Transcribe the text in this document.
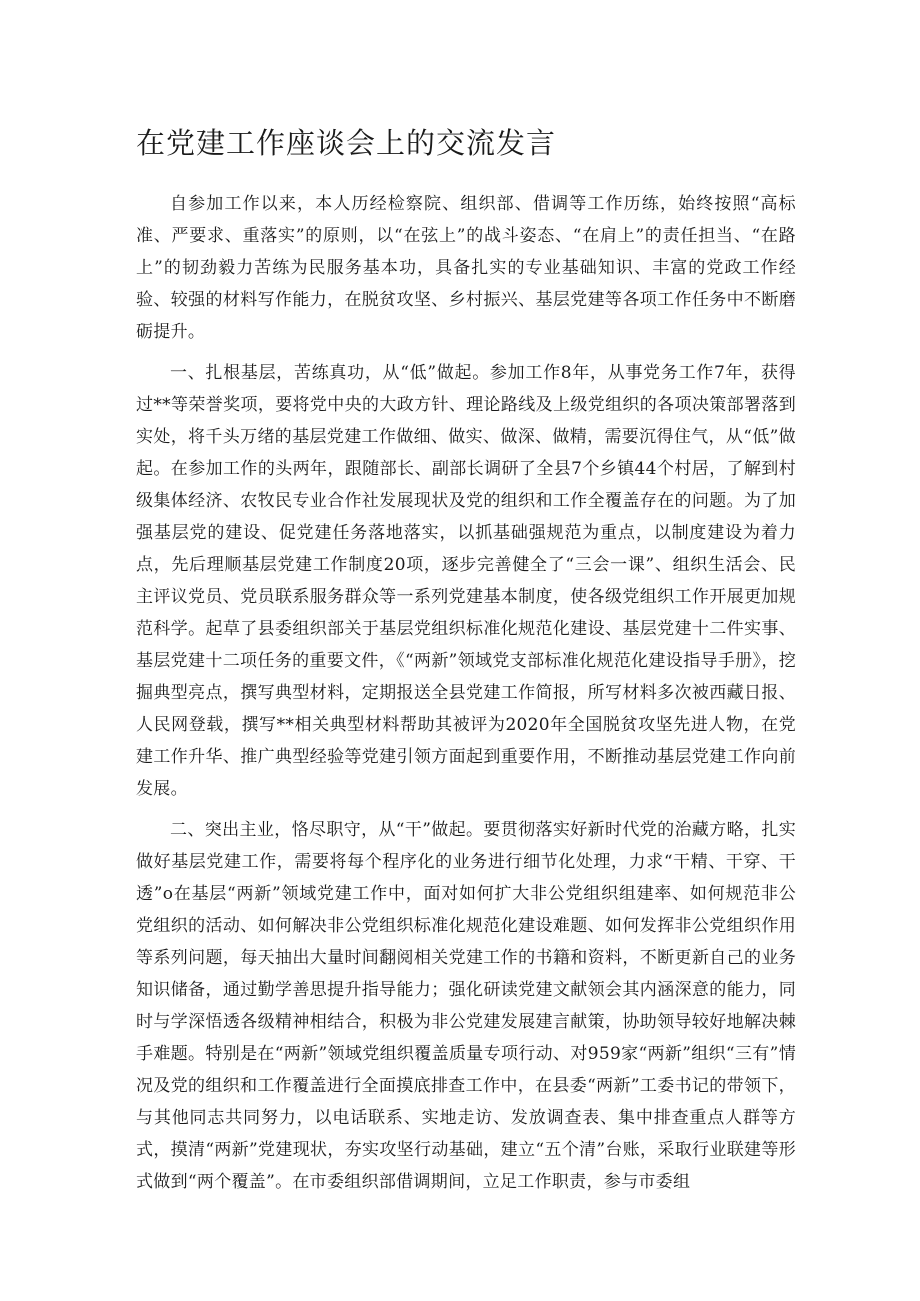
在党建工作座谈会上的交流发言

自参加工作以来，本人历经检察院、组织部、借调等工作历练，始终按照“高标准、严要求、重落实”的原则，以“在弦上”的战斗姿态、“在肩上”的责任担当、“在路上”的韧劲毅力苦练为民服务基本功，具备扎实的专业基础知识、丰富的党政工作经验、较强的材料写作能力，在脱贫攻坚、乡村振兴、基层党建等各项工作任务中不断磨砺提升。

一、扎根基层，苦练真功，从“低”做起。参加工作8年，从事党务工作7年，获得过**等荣誉奖项，要将党中央的大政方针、理论路线及上级党组织的各项决策部署落到实处，将千头万绪的基层党建工作做细、做实、做深、做精，需要沉得住气，从“低”做起。在参加工作的头两年，跟随部长、副部长调研了全县7个乡镇44个村居，了解到村级集体经济、农牧民专业合作社发展现状及党的组织和工作全覆盖存在的问题。为了加强基层党的建设、促党建任务落地落实，以抓基础强规范为重点，以制度建设为着力点，先后理顺基层党建工作制度20项，逐步完善健全了“三会一课”、组织生活会、民主评议党员、党员联系服务群众等一系列党建基本制度，使各级党组织工作开展更加规范科学。起草了县委组织部关于基层党组织标准化规范化建设、基层党建十二件实事、基层党建十二项任务的重要文件，《“两新”领域党支部标准化规范化建设指导手册》，挖掘典型亮点，撰写典型材料，定期报送全县党建工作简报，所写材料多次被西藏日报、人民网登载，撰写**相关典型材料帮助其被评为2020年全国脱贫攻坚先进人物，在党建工作升华、推广典型经验等党建引领方面起到重要作用，不断推动基层党建工作向前发展。

二、突出主业，恪尽职守，从“干”做起。要贯彻落实好新时代党的治藏方略，扎实做好基层党建工作，需要将每个程序化的业务进行细节化处理，力求“干精、干穿、干透”o在基层“两新”领域党建工作中，面对如何扩大非公党组织组建率、如何规范非公党组织的活动、如何解决非公党组织标准化规范化建设难题、如何发挥非公党组织作用等系列问题，每天抽出大量时间翻阅相关党建工作的书籍和资料，不断更新自己的业务知识储备，通过勤学善思提升指导能力；强化研读党建文献领会其内涵深意的能力，同时与学深悟透各级精神相结合，积极为非公党建发展建言献策，协助领导较好地解决棘手难题。特别是在“两新”领域党组织覆盖质量专项行动、对959家“两新”组织“三有”情况及党的组织和工作覆盖进行全面摸底排查工作中，在县委“两新”工委书记的带领下，与其他同志共同努力，以电话联系、实地走访、发放调查表、集中排查重点人群等方式，摸清“两新”党建现状，夯实攻坚行动基础，建立“五个清”台账，采取行业联建等形式做到“两个覆盖”。在市委组织部借调期间，立足工作职责，参与市委组
